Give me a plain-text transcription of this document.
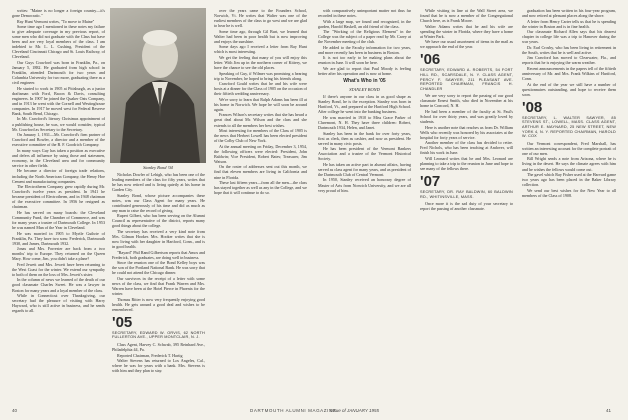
writes: "Maine is no longer a foreign country—it's gone Democratic."

Ray Hunt Vermont writes, "To move to Maine"

Some time ago I mentioned in these notes my failure to give adequate coverage in my previous report, of some men who did not graduate with the Class but have been and are very loyal members of the class. I am indebted to Mr. L. L. Cushing, President of the Cleveland Cincinnati Chicago and St. Louis Railway, of Cleveland.

Our Guys Crawford was born in Franklin, Pa., on January 5, 1882. He graduated from high school in Franklin, attended Dartmouth for two years and Columbia University for two more, graduating there as a civil engineer.

He started to work in 1905 at Pittsburgh, as a junior draftsman with Ford, Bacon & Davis, consulting engineers. In 1907 he joined the Quaker Oats Company, and in 1913 he went with the Cornell and Westinghouse companies. In 1917 he moved west for Federal Reserve Bank, South Bend, Chicago.

In Mr. Crawford's literary Christmas appointment of a publishing house, he was, we would consider, typical Mr. Crawford as Secretary to the Secretary.

On January 1, 1931—Mr. Crawford's firm partner of Crawford and Bowler, a director and a member of the executive committee of the B. F. Goodrich Company.

In many ways Guy has taken a position as executive and defers all influence by using those and statesmen, economy, in the Cleveland area and for community service in other fields.

He became a director of foreign trade relations, including the North American Company, the Henry Hoe Cement and manufacturing companies.

The Electrotherm Company grew rapidly during Mr. Crawford's twelve years as president. In 1941 he became president of Electrotherm, and in 1948 chairman of the executive committee. In 1956 he resigned as chairman.

He has served on many boards: the Cleveland Community Fund, the Chamber of Commerce, and was for many years a trustee of Dartmouth College. In 1953 he was named Man of the Year in Cleveland.

He was married in 1905 to Myrtle Guthrie of Franklin, Pa. They have two sons: Frederick, Dartmouth 1930, and James, Dartmouth 1932.

Jonas and Mrs. Forrester are back from a two months' trip to Europe. They returned on the Queen Mary. How come, Jim, you didn't take a plane?

Fred Jewett and Mrs. Jewett have been returning to the West Coast for the winter. We extend our sympathy to both of them on the loss of Mrs. Jewett's sister.

In the column of news we learned of the death of our good classmate Charles Sweet. He was a lawyer in Boston for many years and a loyal member of the class.

While in Connecticut over Thanksgiving, our secretary had the pleasure of visiting with Harry Hayward, who is still active in business, and he sends regards to all.

Stanley Bond '04

Nicholas Dowler of Lehigh, who has been one of the leading members of the class for fifty years, writes that he has now retired and is living quietly at his home in Garden City.

Stanley Bond, whose picture accompanies these notes, was our Class Agent for many years. He contributed generously of his time and did as much as any man to raise the record of giving.

Rupert Gilbert, who has been serving on the Alumni Council as representative of the district, reports many good things about the college.

The secretary has received a very kind note from Mrs. Gilman Hooker. Mrs. Hooker writes that she is now living with her daughter in Hartford, Conn., and is in good health.

"Bayard" Phil Rand Gilbertson reports that Amos and Frederick, both graduates, are doing well in business.

Since the reunion one of the Bond Kelley boys was the son of the Portland National Bank. He was sorry that he could not attend the Chicago dinner.

Our survivors in the receipt of a letter with some news of the class, we find that Frank Warren and Mrs. Warren have been at the Hotel Pierce in Phoenix for the winter.

Thomas Ritter is now very frequently enjoying good health. He gets around a good deal and wishes to be remembered.

'05
SECRETARY, EDWARD W. ORVIS, 62 NORTH FULLERTON AVE., UPPER MONTCLAIR, N. J.

Class Agent, Harvey C. Schwab, 395 Reinhard Ave., Philadelphia 44, Pa.

Reported Chairman, Frederick T. Hartig

Walter Stevens has returned to Los Angeles, Cal., where he was for years with a bank. Mrs. Stevens is with him and they plan to stay.

over the years came to the Founders School, Norwich, Vt. He writes that Walter was one of the earliest members of the class to go west and we are glad to hear he is well.

Some time ago, through Gil Burt, we learned that Walter had been in poor health but is now improving and enjoys the sunshine.

Some days ago I received a letter from Ray Hunt which is most interesting.

We get the feeling that many of you will enjoy this letter. With Jim up in the northern corner of Kittery, we have the chance to see the old places.

Speaking of Guy, if Wilmer was promising a hearing trip to November, he hoped to bring his friends along.

Crawford Gould writes that he and his wife were hosts at a dinner for the Class of 1905 on the occasion of their fiftieth wedding anniversary.

We're sorry to learn that Ralph Adams has been ill at his home in Norwich. We hope he will soon be around again.

Frances Wilson's secretary writes that she has heard a great deal about Mr. Wilson and the class and she extends to all the members her best wishes.

Most interesting for members of the Class of 1905 is the news that Herbert Lowell has been elected president of the Colby Club of New York.

At the annual meeting on Friday, December 3, 1954, the following officers were elected: President, John Baldwin; Vice President, Robert Bates; Treasurer, Jim Watson.

On the roster of addresses sent out this month, we find that eleven members are living in California and nine in Florida.

These last fifteen years—from all the men—the class has stayed together as well as any in the College, and we hope that it will continue to do so.

with comparatively unimportant matter not thus far recorded in these notes.

With a large map, we found and recognized, in the garden, Harold Haskell, an old friend of the class.

The "Working of the Religious Element" in the College was the subject of a paper read by Mr. Carey at the November meeting of the club.

He added to the Faculty information for two years, and more recently has been in business in Boston.

It is not too early to be making plans about the reunion in June. It will soon be here.

We are glad to report that Paul Moody is feeling better after his operation and is now at home.

What's Who in '05
STANLEY BOND

If there's anyone in our class in as good shape as Stanley Bond, he is the exception. Stanley was born in Hartford, Vt., and prepared at the Hartford High School. After college he went into the banking business.

He was married in 1910 to Miss Grace Parker of Claremont, N. H. They have three children: Robert, Dartmouth 1934, Helen, and Janet.

Stanley has been in the bank for over forty years, first as clerk, then as cashier, and now as president. He served in many civic posts.

He has been president of the Vermont Bankers Association and a trustee of the Vermont Historical Society.

He has taken an active part in alumni affairs, having served as class agent for many years, and as president of the Dartmouth Club of Central Vermont.

In 1950, Stanley received an honorary degree of Master of Arts from Norwich University, and we are all very proud of him.

While visiting in line at the Wall Street area, we found that he is now a member of the Congregational Church here, as is Frank Moore.

Walter Adams writes that he and his wife are spending the winter in Florida, where they have a home at Winter Park.

We have our usual assortment of items in the mail as we approach the end of the year.

'06
SECRETARY, EDWARD A. ROBERTS, 54 FORT HILL RD., SCARSDALE, N. Y. CLASS AGENT, PERCY F. SAWYER, 211 PLEASANT AVE. REPORTED CHAIRMAN, FRANCIS H. CHANDLER

We are very sorry to report the passing of our good classmate Ernest Smith, who died in November at his home in Concord, N. H.

He had been a member of the faculty at St. Paul's School for over thirty years, and was greatly loved by students.

Here is another note that reaches us from Dr. William Wells who recently was honored by his associates at the hospital for forty years of service.

Another member of the class has decided to retire. Fred Nichols, who has been teaching at Andover, will finish his work in June.

Will Leonard writes that he and Mrs. Leonard are planning to take a trip to the reunion in June and hope to see many of the fellows there.

'07
SECRETARY, DR. RAY BALDWIN, 60 BALDWIN RD., WHITINSVILLE, MASS.

Once more it is the sad duty of your secretary to report the passing of another classmate.

graduation has been written in his four-year program, and now retired at pleasant places along the shore.

A letter from Henry Carter tells us that he is spending the winter in Boston and is in fine health.

Our classmate Richard Allen says that his dearest chapter in college life was a trip to Hanover during the war years.

Dr. Earl Crosby, who has been living in retirement in the South, writes that he is well and active.

Jim Crawford has moved to Clearwater, Fla., and reports that he is enjoying the warm weather.

Recent announcements in the papers tell of the fiftieth anniversary of Mr. and Mrs. Frank Wilkins of Hartford, Conn.

At the end of the year we still have a number of questionnaires outstanding, and hope to receive them soon.

'08
SECRETARY, L. WALTER SAWYER, 85 STEVENS ST., LOWELL, MASS. CLASS AGENT, ARTHUR E. MAYNARD, 25 NEW STREET, NEW YORK 4, N. Y. REPORTED CHAIRMAN, HAROLD W. COX

Our Vermont correspondent, Fred Marshall, has written an interesting account for the complete portrait of one of our men.

Bill Wright sends a note from Arizona, where he is living in the desert. He says the climate agrees with him and he wishes the fellows would come out.

The gavel which Ray Fisher used at the Harvard game two years ago has been placed in the Baker Library collection.

We send our best wishes for the New Year to all members of the Class of 1908.

40	DARTMOUTH ALUMNI MAGAZINE
Issue of JANUARY 1955	41
